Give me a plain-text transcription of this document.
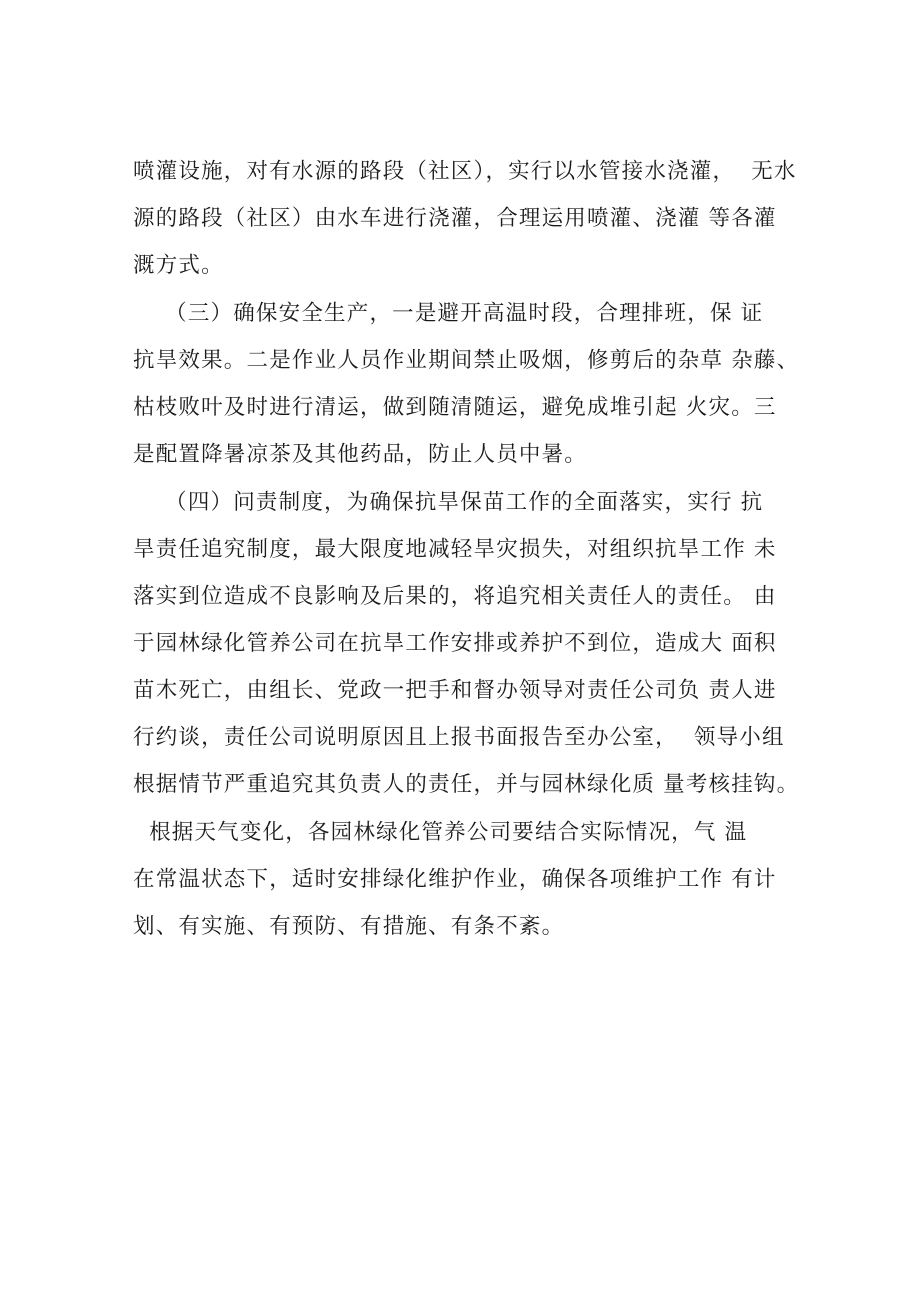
喷灌设施，对有水源的路段（社区），实行以水管接水浇灌，  无水
源的路段（社区）由水车进行浇灌，合理运用喷灌、浇灌 等各灌
溉方式。
（三）确保安全生产，一是避开高温时段，合理排班，保 证
抗旱效果。二是作业人员作业期间禁止吸烟，修剪后的杂草 杂藤、
枯枝败叶及时进行清运，做到随清随运，避免成堆引起 火灾。三
是配置降暑凉茶及其他药品，防止人员中暑。
（四）问责制度，为确保抗旱保苗工作的全面落实，实行 抗
旱责任追究制度，最大限度地减轻旱灾损失，对组织抗旱工作 未
落实到位造成不良影响及后果的，将追究相关责任人的责任。 由
于园林绿化管养公司在抗旱工作安排或养护不到位，造成大 面积
苗木死亡，由组长、党政一把手和督办领导对责任公司负 责人进
行约谈，责任公司说明原因且上报书面报告至办公室，  领导小组
根据情节严重追究其负责人的责任，并与园林绿化质 量考核挂钩。
根据天气变化，各园林绿化管养公司要结合实际情况，气 温
在常温状态下，适时安排绿化维护作业，确保各项维护工作 有计
划、有实施、有预防、有措施、有条不紊。
